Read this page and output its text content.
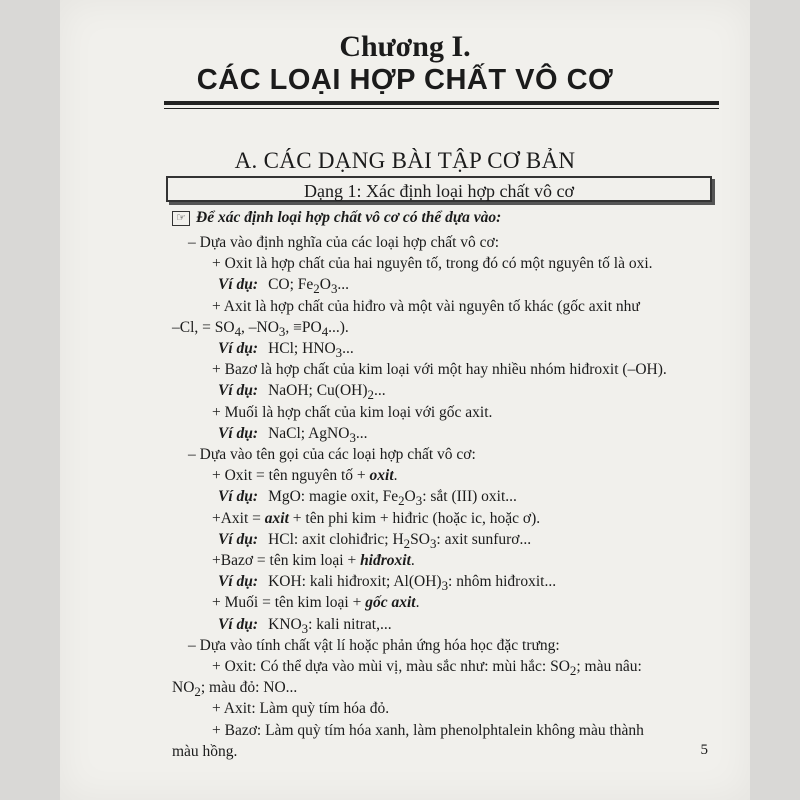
Chương I.
CÁC LOẠI HỢP CHẤT VÔ CƠ
A. CÁC DẠNG BÀI TẬP CƠ BẢN
Dạng 1: Xác định loại hợp chất vô cơ
☞ Để xác định loại hợp chất vô cơ có thể dựa vào:
– Dựa vào định nghĩa của các loại hợp chất vô cơ:
+ Oxit là hợp chất của hai nguyên tố, trong đó có một nguyên tố là oxi.
Ví dụ: CO; $Fe_2O_3$...
+ Axit là hợp chất của hiđro và một vài nguyên tố khác (gốc axit như
–Cl, = $SO_4$, $-NO_3$, $\equiv PO_4$...).
Ví dụ: HCl; $HNO_3$...
+ Bazơ là hợp chất của kim loại với một hay nhiều nhóm hiđroxit (–OH).
Ví dụ: NaOH; $Cu(OH)_2$...
+ Muối là hợp chất của kim loại với gốc axit.
Ví dụ: NaCl; AgNO$_3$...
– Dựa vào tên gọi của các loại hợp chất vô cơ:
+ Oxit = tên nguyên tố + oxit.
Ví dụ: MgO: magie oxit, $Fe_2O_3$: sắt (III) oxit...
+Axit = axit + tên phi kim + hiđric (hoặc ic, hoặc ơ).
Ví dụ: HCl: axit clohiđric; $H_2SO_3$: axit sunfurơ...
+Bazơ = tên kim loại + hiđroxit.
Ví dụ: KOH: kali hiđroxit; $Al(OH)_3$: nhôm hiđroxit...
+ Muối = tên kim loại + gốc axit.
Ví dụ: $KNO_3$: kali nitrat,...
– Dựa vào tính chất vật lí hoặc phản ứng hóa học đặc trưng:
+ Oxit: Có thể dựa vào mùi vị, màu sắc như: mùi hắc: $SO_2$; màu nâu:
$NO_2$; màu đỏ: NO...
+ Axit: Làm quỳ tím hóa đỏ.
+ Bazơ: Làm quỳ tím hóa xanh, làm phenolphtalein không màu thành
màu hồng.	5
